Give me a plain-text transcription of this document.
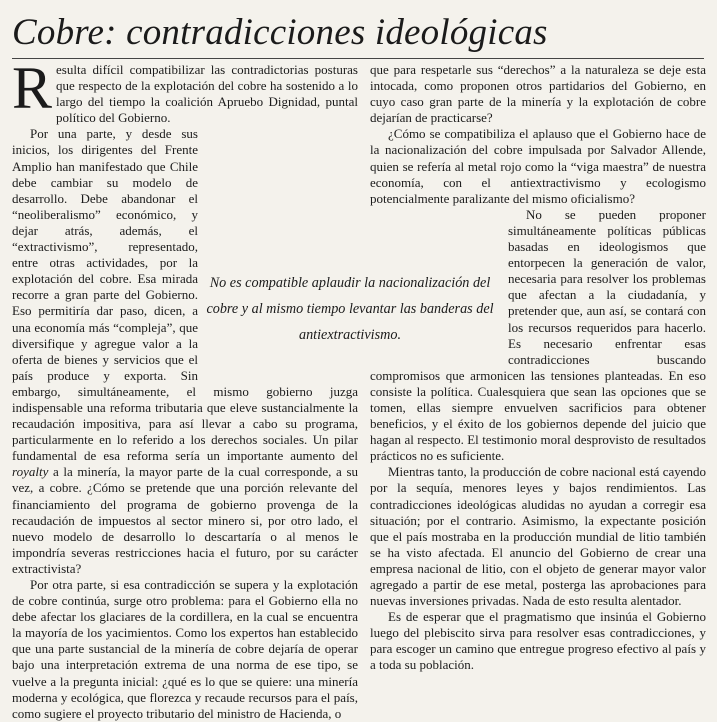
Cobre: contradicciones ideológicas

Resulta difícil compatibilizar las contradictorias posturas que respecto de la explotación del cobre ha sostenido a lo largo del tiempo la coalición Apruebo Dignidad, puntal político del Gobierno.

Por una parte, y desde sus inicios, los dirigentes del Frente Amplio han manifestado que Chile debe cambiar su modelo de desarrollo. Debe abandonar el “neoliberalismo” económico, y dejar atrás, además, el “extractivismo”, representado, entre otras actividades, por la explotación del cobre. Esa mirada recorre a gran parte del Gobierno. Eso permitiría dar paso, dicen, a una economía más “compleja”, que diversifique y agregue valor a la oferta de bienes y servicios que el país produce y exporta. Sin embargo, simultáneamente, el mismo gobierno juzga indispensable una reforma tributaria que eleve sustancialmente la recaudación impositiva, para así llevar a cabo su programa, particularmente en lo referido a los derechos sociales. Un pilar fundamental de esa reforma sería un importante aumento del royalty a la minería, la mayor parte de la cual corresponde, a su vez, a cobre. ¿Cómo se pretende que una porción relevante del financiamiento del programa de gobierno provenga de la recaudación de impuestos al sector minero si, por otro lado, el nuevo modelo de desarrollo lo descartaría o al menos le impondría severas restricciones hacia el futuro, por su carácter extractivista?

Por otra parte, si esa contradicción se supera y la explotación de cobre continúa, surge otro problema: para el Gobierno ella no debe afectar los glaciares de la cordillera, en la cual se encuentra la mayoría de los yacimientos. Como los expertos han establecido que una parte sustancial de la minería de cobre dejaría de operar bajo una interpretación extrema de una norma de ese tipo, se vuelve a la pregunta inicial: ¿qué es lo que se quiere: una minería moderna y ecológica, que florezca y recaude recursos para el país, como sugiere el proyecto tributario del ministro de Hacienda, o

que para respetarle sus “derechos” a la naturaleza se deje esta intocada, como proponen otros partidarios del Gobierno, en cuyo caso gran parte de la minería y la explotación de cobre dejarían de practicarse?

¿Cómo se compatibiliza el aplauso que el Gobierno hace de la nacionalización del cobre impulsada por Salvador Allende, quien se refería al metal rojo como la “viga maestra” de nuestra economía, con el antiextractivismo y ecologismo potencialmente paralizante del mismo oficialismo?

No se pueden proponer simultáneamente políticas públicas basadas en ideologismos que entorpecen la generación de valor, necesaria para resolver los problemas que afectan a la ciudadanía, y pretender que, aun así, se contará con los recursos requeridos para hacerlo. Es necesario enfrentar esas contradicciones buscando compromisos que armonicen las tensiones planteadas. En eso consiste la política. Cualesquiera que sean las opciones que se tomen, ellas siempre envuelven sacrificios para obtener beneficios, y el éxito de los gobiernos depende del juicio que hagan al respecto. El testimonio moral desprovisto de resultados prácticos no es suficiente.

Mientras tanto, la producción de cobre nacional está cayendo por la sequía, menores leyes y bajos rendimientos. Las contradicciones ideológicas aludidas no ayudan a corregir esa situación; por el contrario. Asimismo, la expectante posición que el país mostraba en la producción mundial de litio también se ha visto afectada. El anuncio del Gobierno de crear una empresa nacional de litio, con el objeto de generar mayor valor agregado a partir de ese metal, posterga las aprobaciones para nuevas inversiones privadas. Nada de esto resulta alentador.

Es de esperar que el pragmatismo que insinúa el Gobierno luego del plebiscito sirva para resolver esas contradicciones, y para escoger un camino que entregue progreso efectivo al país y a toda su población.

No es compatible aplaudir la nacionalización del cobre y al mismo tiempo levantar las banderas del antiextractivismo.
